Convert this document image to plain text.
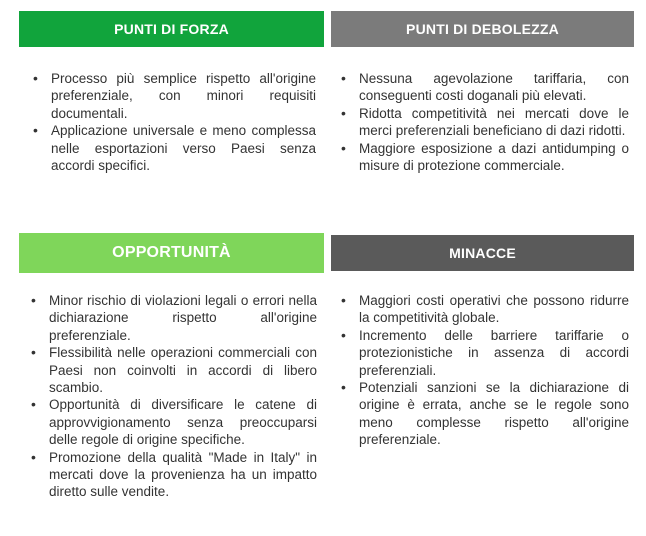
PUNTI DI FORZA	PUNTI DI DEBOLEZZA
OPPORTUNITÀ	MINACCE
• Processo più semplice rispetto all'origine preferenziale, con minori requisiti documentali.
• Applicazione universale e meno complessa nelle esportazioni verso Paesi senza accordi specifici.
• Nessuna agevolazione tariffaria, con conseguenti costi doganali più elevati.
• Ridotta competitività nei mercati dove le merci preferenziali beneficiano di dazi ridotti.
• Maggiore esposizione a dazi antidumping o misure di protezione commerciale.
• Minor rischio di violazioni legali o errori nella dichiarazione rispetto all'origine preferenziale.
• Flessibilità nelle operazioni commerciali con Paesi non coinvolti in accordi di libero scambio.
• Opportunità di diversificare le catene di approvvigionamento senza preoccuparsi delle regole di origine specifiche.
• Promozione della qualità "Made in Italy" in mercati dove la provenienza ha un impatto diretto sulle vendite.
• Maggiori costi operativi che possono ridurre la competitività globale.
• Incremento delle barriere tariffarie o protezionistiche in assenza di accordi preferenziali.
• Potenziali sanzioni se la dichiarazione di origine è errata, anche se le regole sono meno complesse rispetto all'origine preferenziale.
